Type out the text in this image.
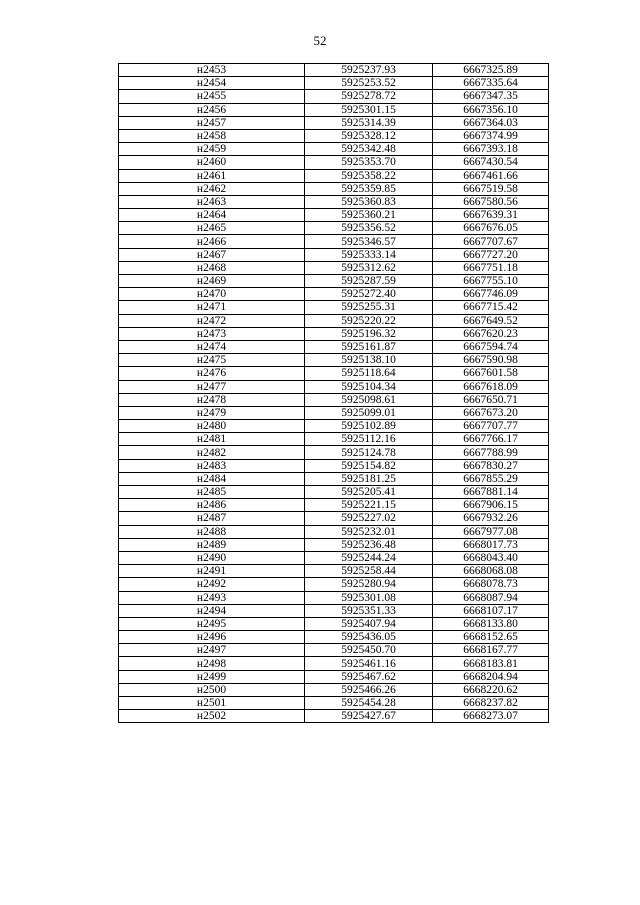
52
н2453	5925237.93	6667325.89
н2454	5925253.52	6667335.64
н2455	5925278.72	6667347.35
н2456	5925301.15	6667356.10
н2457	5925314.39	6667364.03
н2458	5925328.12	6667374.99
н2459	5925342.48	6667393.18
н2460	5925353.70	6667430.54
н2461	5925358.22	6667461.66
н2462	5925359.85	6667519.58
н2463	5925360.83	6667580.56
н2464	5925360.21	6667639.31
н2465	5925356.52	6667676.05
н2466	5925346.57	6667707.67
н2467	5925333.14	6667727.20
н2468	5925312.62	6667751.18
н2469	5925287.59	6667755.10
н2470	5925272.40	6667746.09
н2471	5925255.31	6667715.42
н2472	5925220.22	6667649.52
н2473	5925196.32	6667620.23
н2474	5925161.87	6667594.74
н2475	5925138.10	6667590.98
н2476	5925118.64	6667601.58
н2477	5925104.34	6667618.09
н2478	5925098.61	6667650.71
н2479	5925099.01	6667673.20
н2480	5925102.89	6667707.77
н2481	5925112.16	6667766.17
н2482	5925124.78	6667788.99
н2483	5925154.82	6667830.27
н2484	5925181.25	6667855.29
н2485	5925205.41	6667881.14
н2486	5925221.15	6667906.15
н2487	5925227.02	6667932.26
н2488	5925232.01	6667977.08
н2489	5925236.48	6668017.73
н2490	5925244.24	6668043.40
н2491	5925258.44	6668068.08
н2492	5925280.94	6668078.73
н2493	5925301.08	6668087.94
н2494	5925351.33	6668107.17
н2495	5925407.94	6668133.80
н2496	5925436.05	6668152.65
н2497	5925450.70	6668167.77
н2498	5925461.16	6668183.81
н2499	5925467.62	6668204.94
н2500	5925466.26	6668220.62
н2501	5925454.28	6668237.82
н2502	5925427.67	6668273.07
